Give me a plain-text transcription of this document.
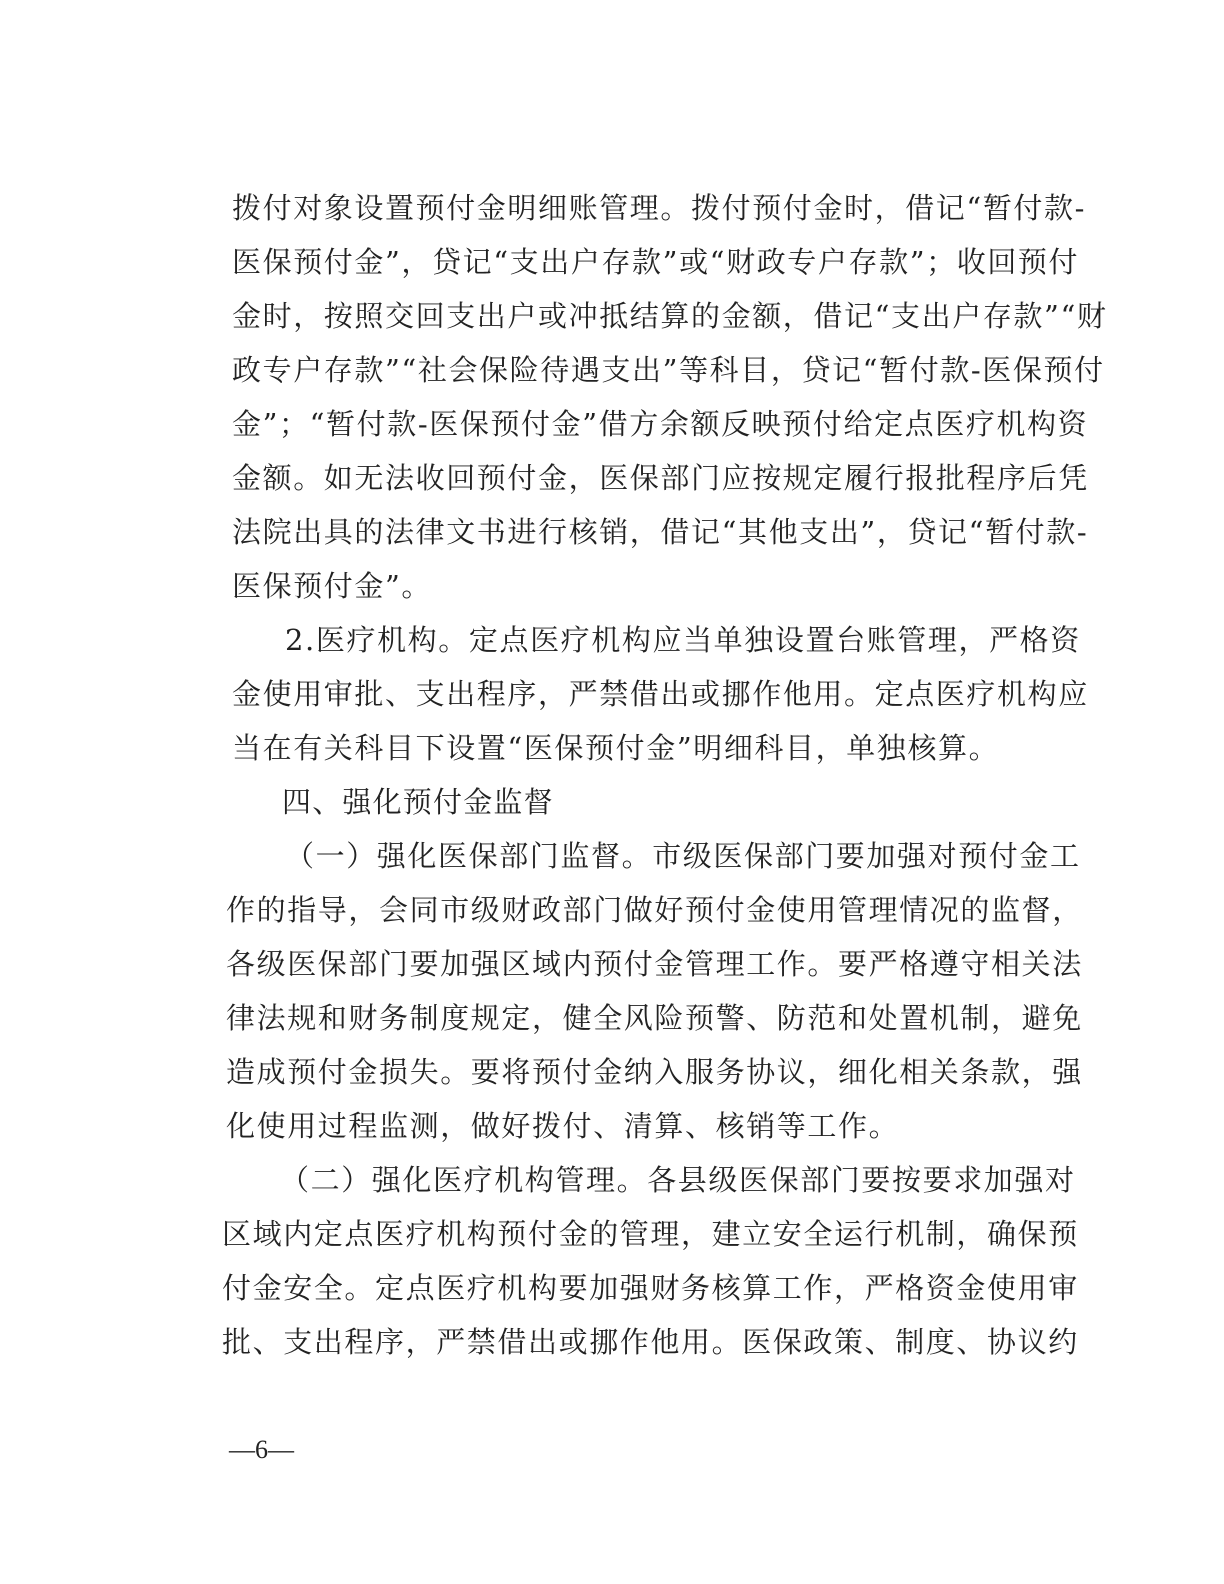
拨付对象设置预付金明细账管理。拨付预付金时，借记“暂付款-
医保预付金”，贷记“支出户存款”或“财政专户存款”；收回预付
金时，按照交回支出户或冲抵结算的金额，借记“支出户存款”“财
政专户存款”“社会保险待遇支出”等科目，贷记“暂付款-医保预付
金”；“暂付款-医保预付金”借方余额反映预付给定点医疗机构资
金额。如无法收回预付金，医保部门应按规定履行报批程序后凭
法院出具的法律文书进行核销，借记“其他支出”，贷记“暂付款-
医保预付金”。
2.医疗机构。定点医疗机构应当单独设置台账管理，严格资
金使用审批、支出程序，严禁借出或挪作他用。定点医疗机构应
当在有关科目下设置“医保预付金”明细科目，单独核算。
四、强化预付金监督
（一）强化医保部门监督。市级医保部门要加强对预付金工
作的指导，会同市级财政部门做好预付金使用管理情况的监督，
各级医保部门要加强区域内预付金管理工作。要严格遵守相关法
律法规和财务制度规定，健全风险预警、防范和处置机制，避免
造成预付金损失。要将预付金纳入服务协议，细化相关条款，强
化使用过程监测，做好拨付、清算、核销等工作。
（二）强化医疗机构管理。各县级医保部门要按要求加强对
区域内定点医疗机构预付金的管理，建立安全运行机制，确保预
付金安全。定点医疗机构要加强财务核算工作，严格资金使用审
批、支出程序，严禁借出或挪作他用。医保政策、制度、协议约
—6—
